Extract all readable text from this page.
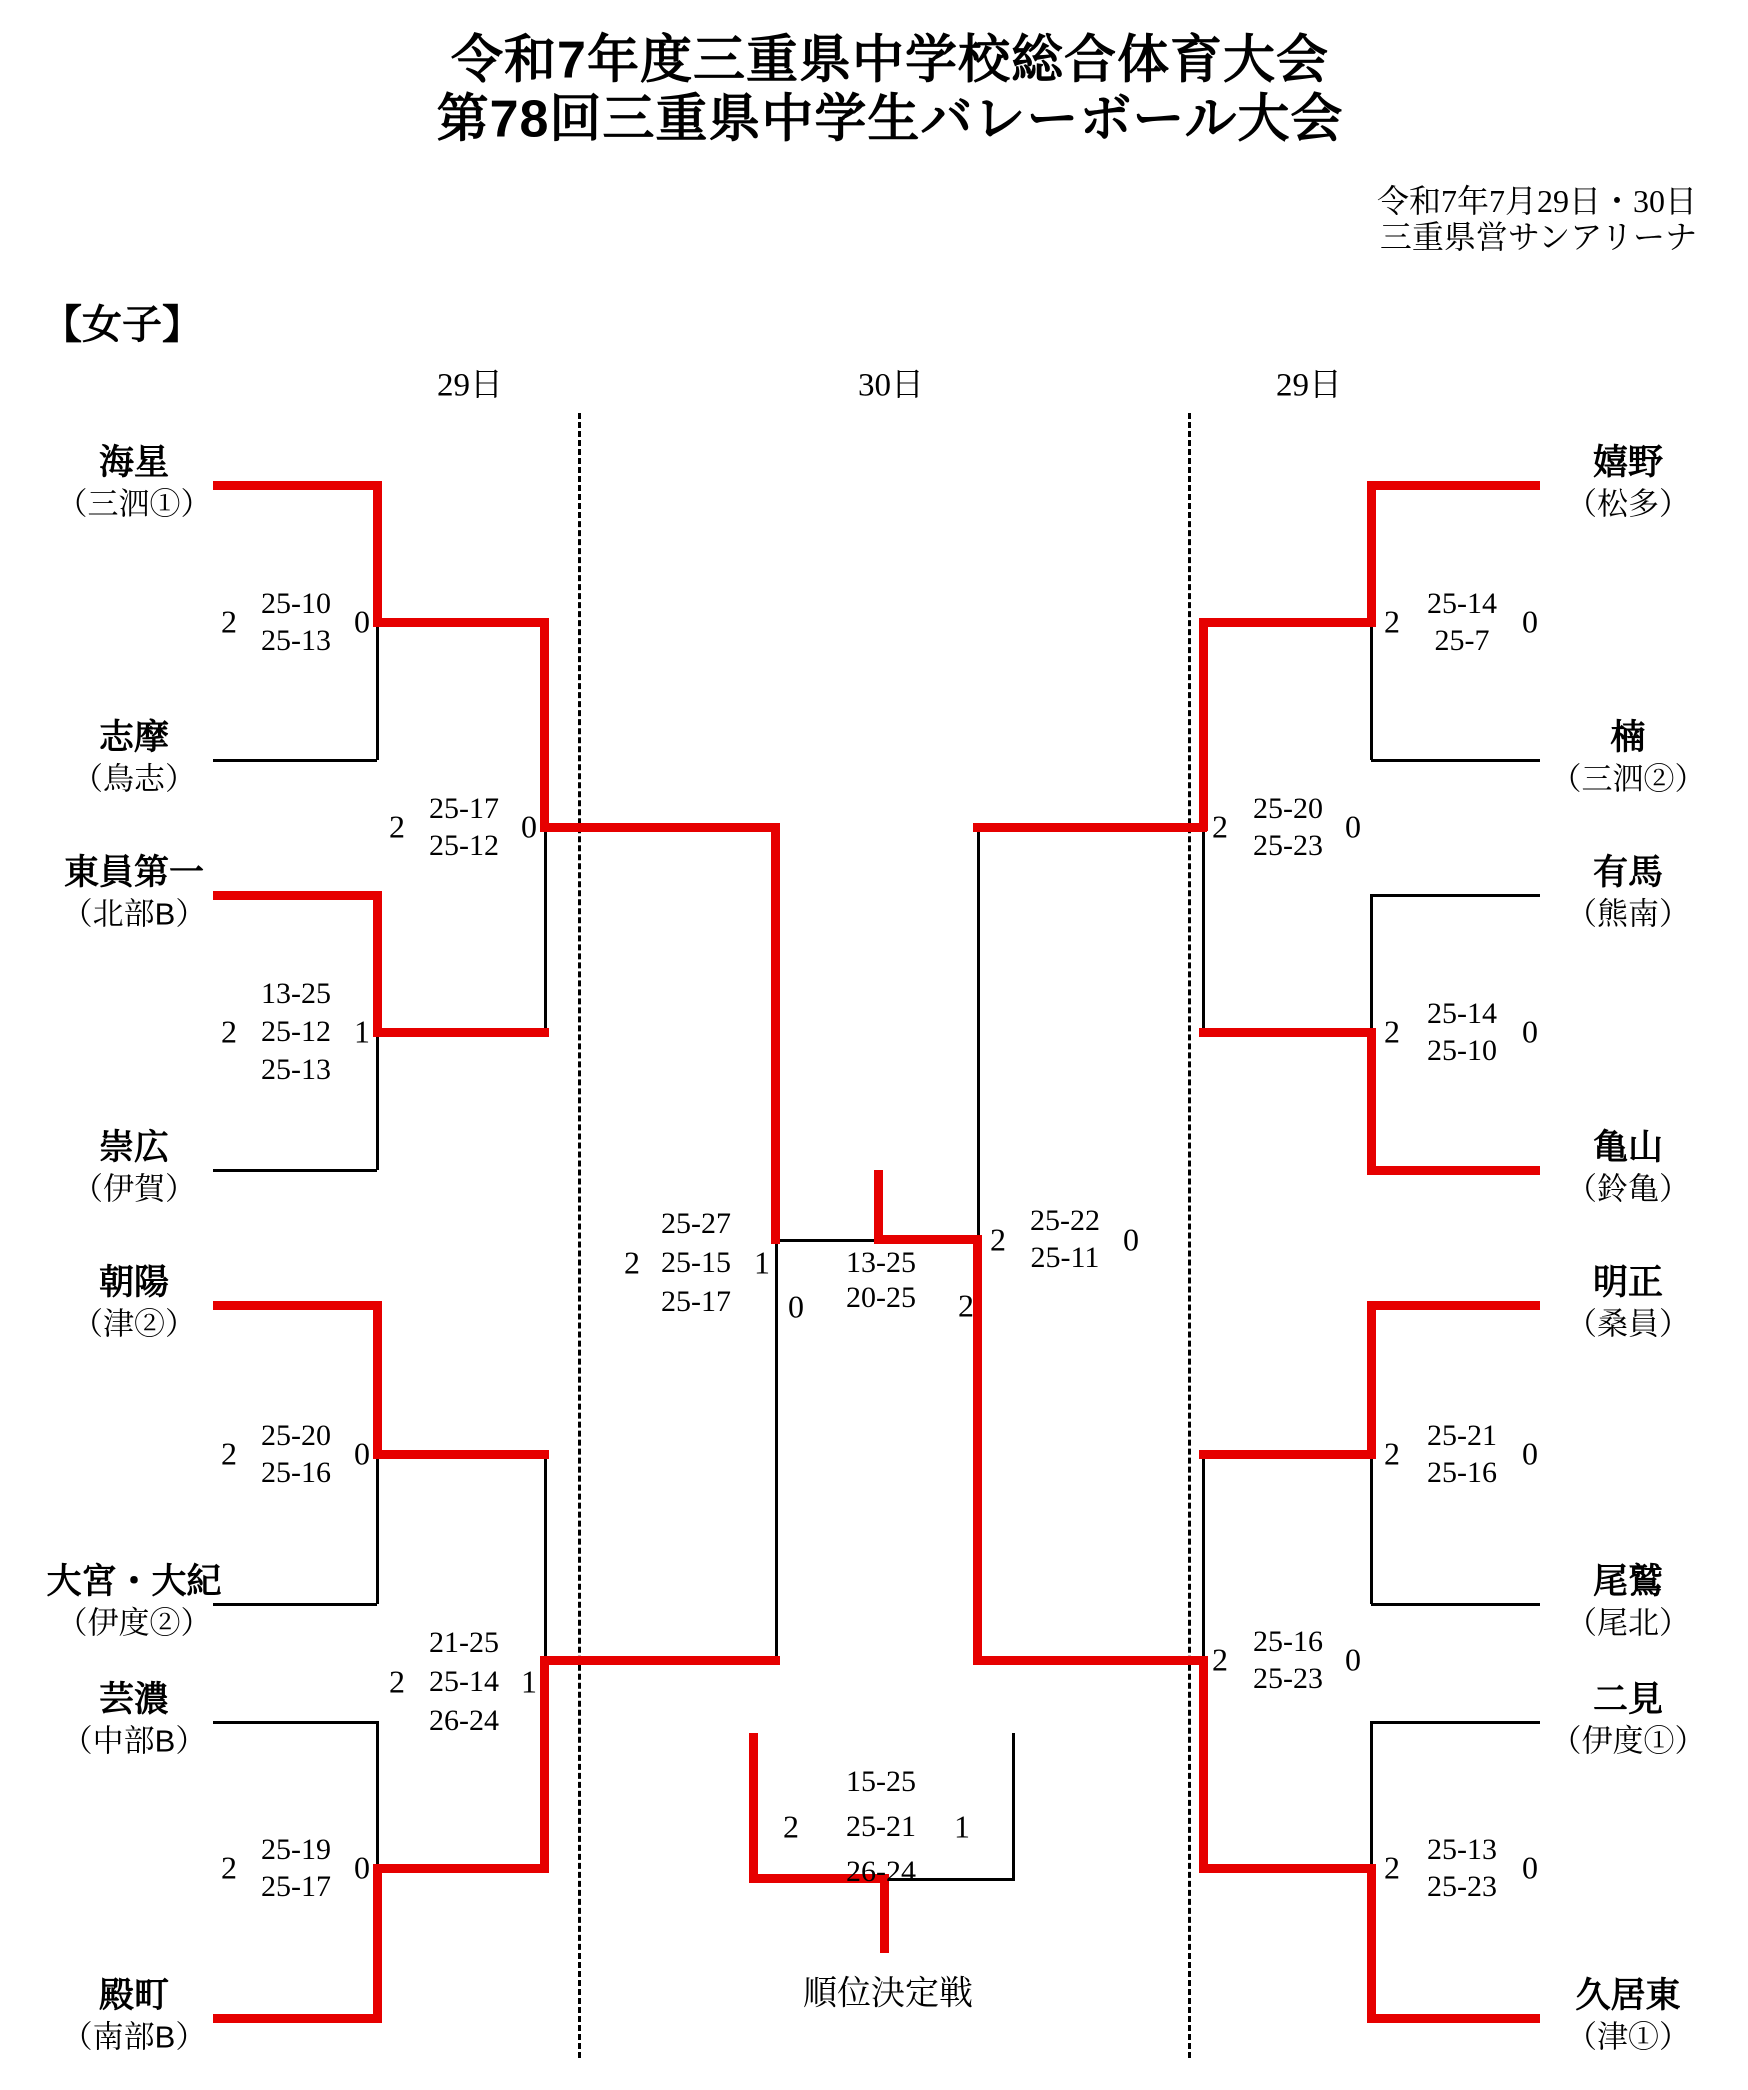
令和7年度三重県中学校総合体育大会
第78回三重県中学生バレーボール大会
令和7年7月29日・30日
三重県営サンアリーナ
【女子】
29日	30日	29日
海星
（三泗①）
志摩
（鳥志）
東員第一
（北部B）
崇広
（伊賀）
朝陽
（津②）
大宮・大紀
（伊度②）
芸濃
（中部B）
殿町
（南部B）
嬉野
（松多）
楠
（三泗②）
有馬
（熊南）
亀山
（鈴亀）
明正
（桑員）
尾鷲
（尾北）
二見
（伊度①）
久居東
（津①）
2 25-10
25-13
0
2
13-25
25-12
25-13
1
2 25-20
25-16
0
2 25-19
25-17
0
2 25-17
25-12
0
2
21-25
25-14
26-24
1
2
25-27
25-15
25-17
1
2
25-22
25-11 0
0
13-25
20-25 2
2 25-20
25-23
0
2 25-16
25-23
0
2 25-14
25-7
0
2 25-14
25-10
0
2 25-21
25-16
0
2 25-13
25-23
0
2
15-25
25-21
26-24
1
順位決定戦
